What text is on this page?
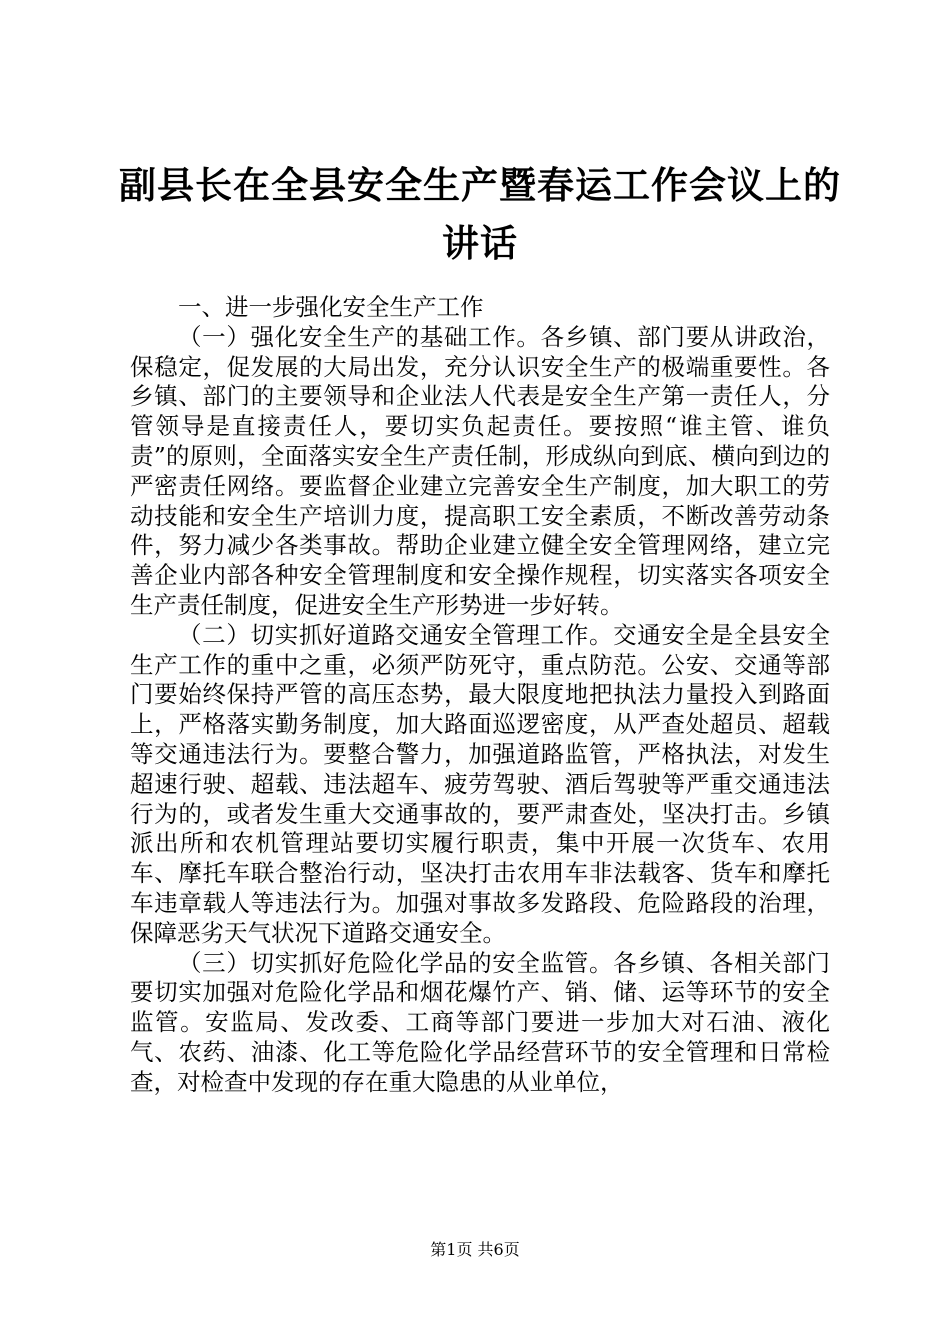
副县长在全县安全生产暨春运工作会议上的讲话

一、进一步强化安全生产工作

（一）强化安全生产的基础工作。各乡镇、部门要从讲政治，保稳定，促发展的大局出发，充分认识安全生产的极端重要性。各乡镇、部门的主要领导和企业法人代表是安全生产第一责任人，分管领导是直接责任人，要切实负起责任。要按照“谁主管、谁负责”的原则，全面落实安全生产责任制，形成纵向到底、横向到边的严密责任网络。要监督企业建立完善安全生产制度，加大职工的劳动技能和安全生产培训力度，提高职工安全素质，不断改善劳动条件，努力减少各类事故。帮助企业建立健全安全管理网络，建立完善企业内部各种安全管理制度和安全操作规程，切实落实各项安全生产责任制度，促进安全生产形势进一步好转。

（二）切实抓好道路交通安全管理工作。交通安全是全县安全生产工作的重中之重，必须严防死守，重点防范。公安、交通等部门要始终保持严管的高压态势，最大限度地把执法力量投入到路面上，严格落实勤务制度，加大路面巡逻密度，从严查处超员、超载等交通违法行为。要整合警力，加强道路监管，严格执法，对发生超速行驶、超载、违法超车、疲劳驾驶、酒后驾驶等严重交通违法行为的，或者发生重大交通事故的，要严肃查处，坚决打击。乡镇派出所和农机管理站要切实履行职责，集中开展一次货车、农用车、摩托车联合整治行动，坚决打击农用车非法载客、货车和摩托车违章载人等违法行为。加强对事故多发路段、危险路段的治理，保障恶劣天气状况下道路交通安全。

（三）切实抓好危险化学品的安全监管。各乡镇、各相关部门要切实加强对危险化学品和烟花爆竹产、销、储、运等环节的安全监管。安监局、发改委、工商等部门要进一步加大对石油、液化气、农药、油漆、化工等危险化学品经营环节的安全管理和日常检查，对检查中发现的存在重大隐患的从业单位，

第1页 共6页
